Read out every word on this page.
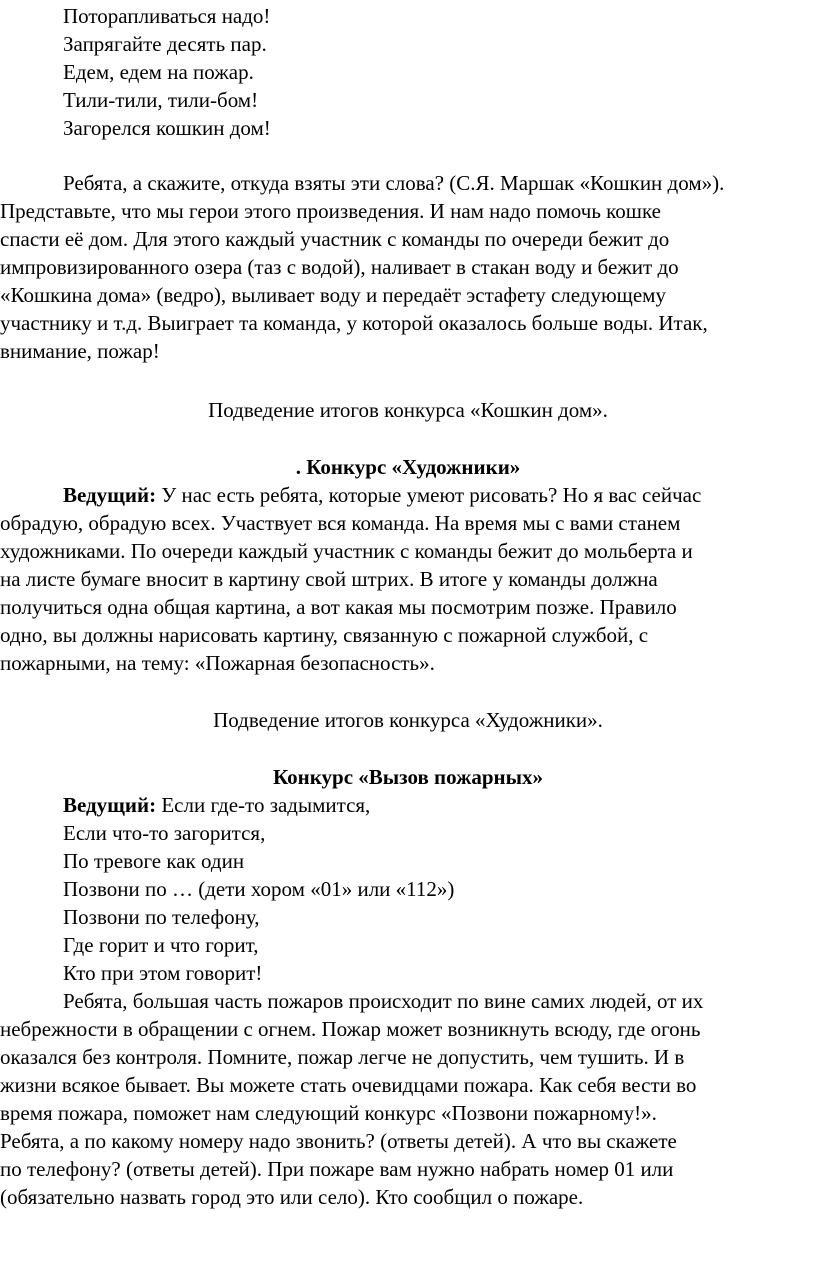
Поторапливаться надо!
Запрягайте десять пар.
Едем, едем на пожар.
Тили-тили, тили-бом!
Загорелся кошкин дом!
Ребята, а скажите, откуда взяты эти слова? (С.Я. Маршак «Кошкин дом»).
Представьте, что мы герои этого произведения. И нам надо помочь кошке
спасти её дом. Для этого каждый участник с команды по очереди бежит до
импровизированного озера (таз с водой), наливает в стакан воду и бежит до
«Кошкина дома» (ведро), выливает воду и передаёт эстафету следующему
участнику и т.д. Выиграет та команда, у которой оказалось больше воды. Итак,
внимание, пожар!
Подведение итогов конкурса «Кошкин дом».
. Конкурс «Художники»
Ведущий: У нас есть ребята, которые умеют рисовать? Но я вас сейчас
обрадую, обрадую всех. Участвует вся команда. На время мы с вами станем
художниками. По очереди каждый участник с команды бежит до мольберта и
на листе бумаге вносит в картину свой штрих. В итоге у команды должна
получиться одна общая картина, а вот какая мы посмотрим позже. Правило
одно, вы должны нарисовать картину, связанную с пожарной службой, с
пожарными, на тему: «Пожарная безопасность».
Подведение итогов конкурса «Художники».
Конкурс «Вызов пожарных»
Ведущий: Если где-то задымится,
Если что-то загорится,
По тревоге как один
Позвони по … (дети хором «01» или «112»)
Позвони по телефону,
Где горит и что горит,
Кто при этом говорит!
Ребята, большая часть пожаров происходит по вине самих людей, от их
небрежности в обращении с огнем. Пожар может возникнуть всюду, где огонь
оказался без контроля. Помните, пожар легче не допустить, чем тушить. И в
жизни всякое бывает. Вы можете стать очевидцами пожара. Как себя вести во
время пожара, поможет нам следующий конкурс «Позвони пожарному!».
Ребята, а по какому номеру надо звонить? (ответы детей). А что вы скажете
по телефону? (ответы детей). При пожаре вам нужно набрать номер 01 или
(обязательно назвать город это или село). Кто сообщил о пожаре.
